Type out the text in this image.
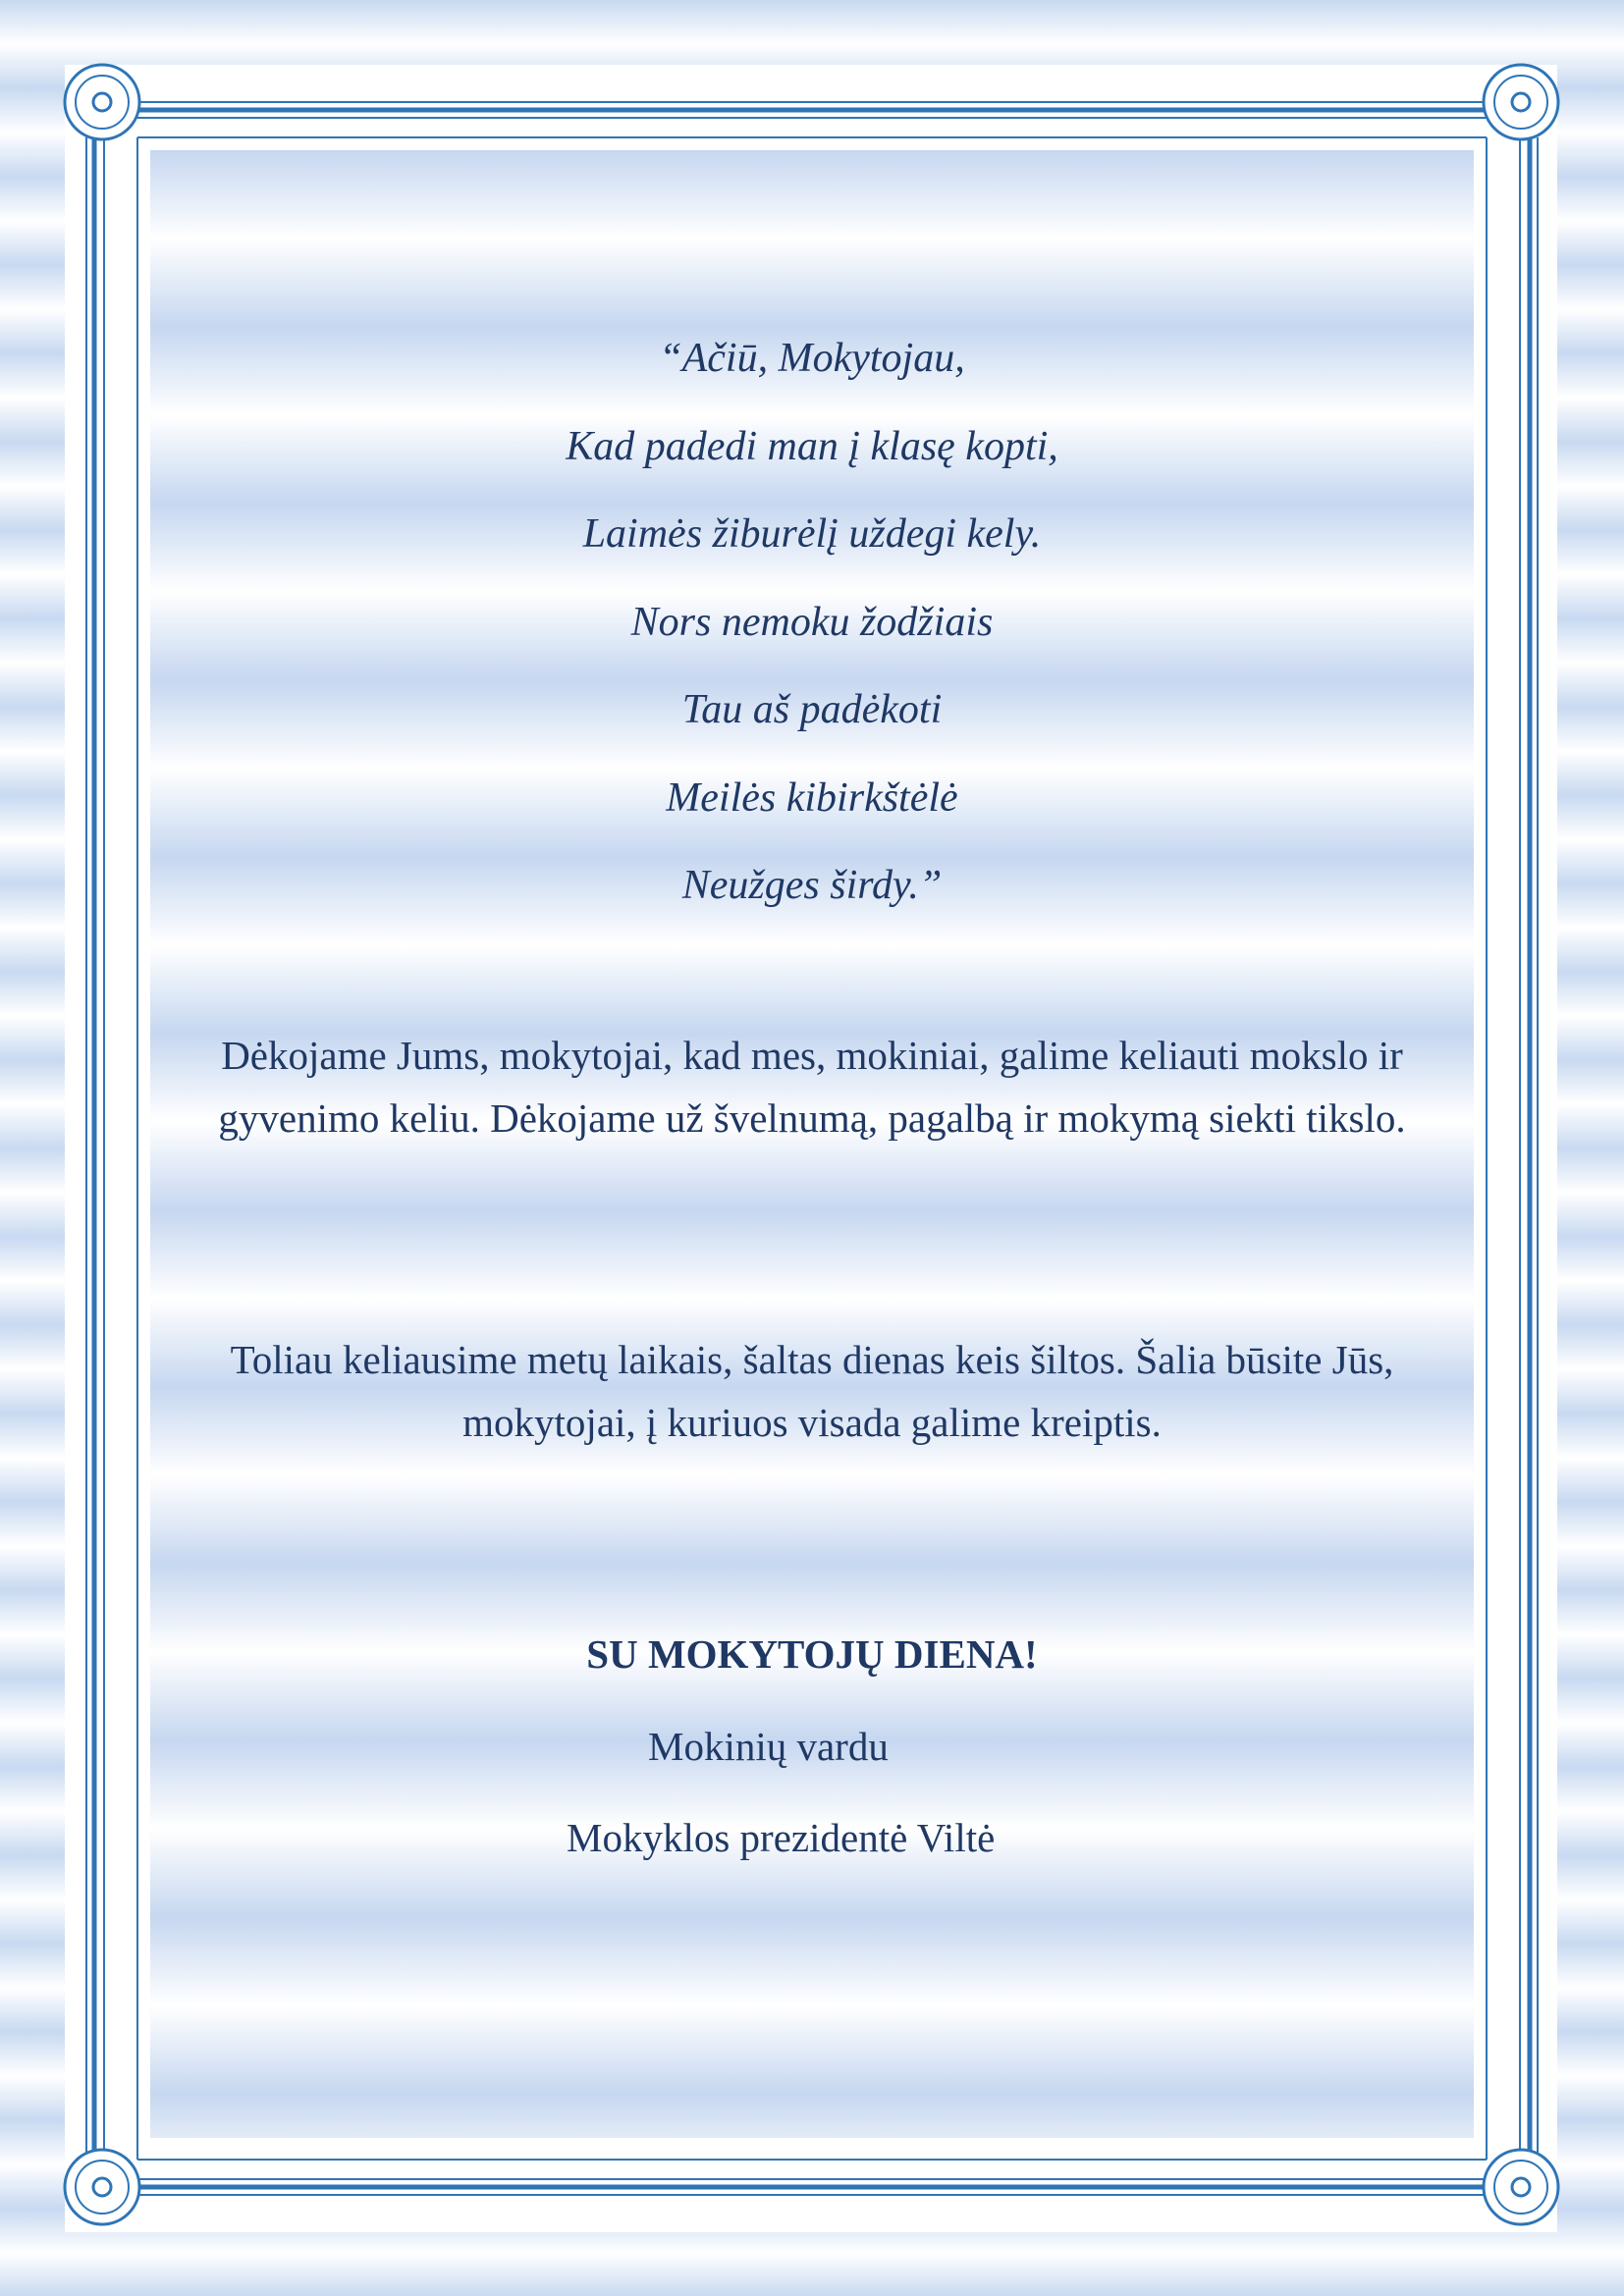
“Ačiū, Mokytojau,

Kad padedi man į klasę kopti,

Laimės žiburėlį uždegi kely.

Nors nemoku žodžiais

Tau aš padėkoti

Meilės kibirkštėlė

Neužges širdy.”

Dėkojame Jums, mokytojai, kad mes, mokiniai, galime keliauti mokslo ir gyvenimo keliu. Dėkojame už švelnumą, pagalbą ir mokymą siekti tikslo.

Toliau keliausime metų laikais, šaltas dienas keis šiltos. Šalia būsite Jūs, mokytojai, į kuriuos visada galime kreiptis.

SU MOKYTOJŲ DIENA!

Mokinių vardu

Mokyklos prezidentė Viltė
